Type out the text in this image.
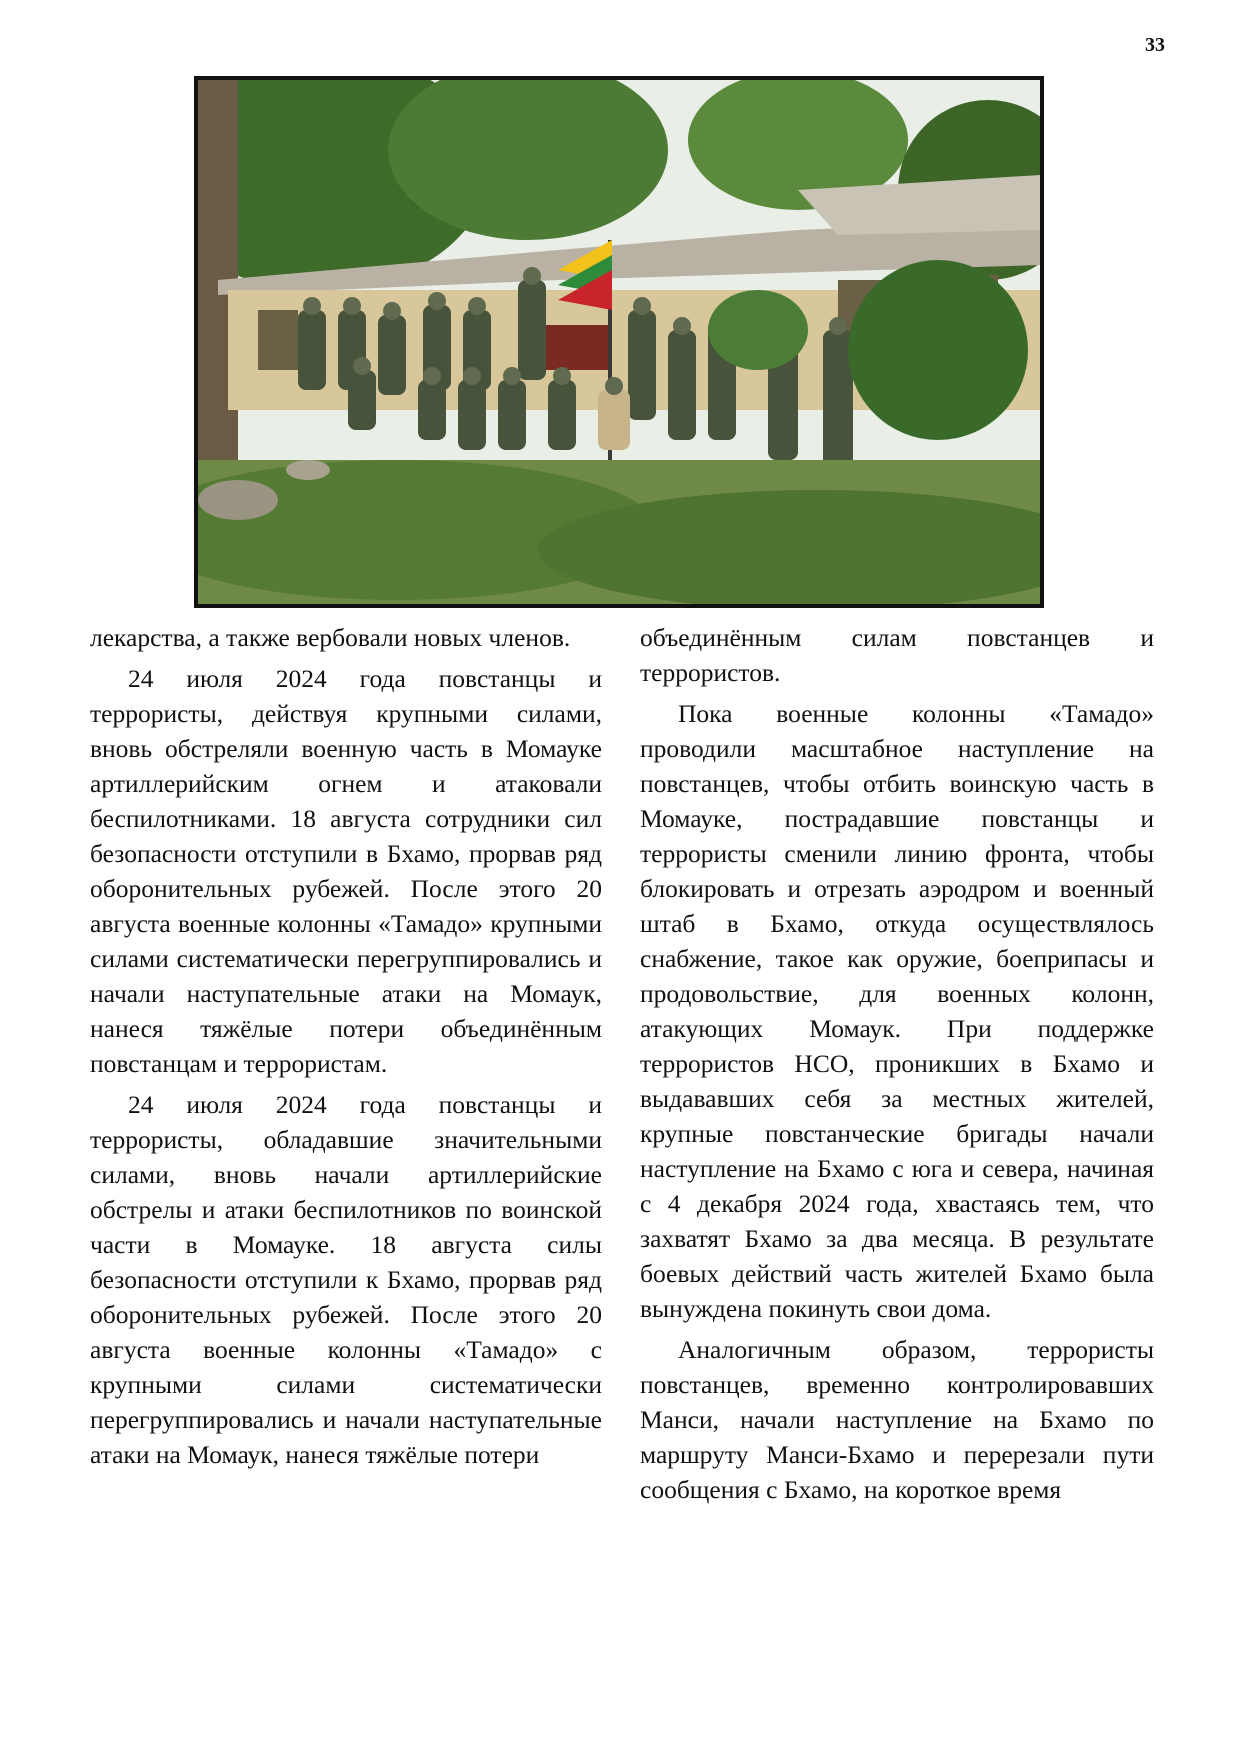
33

лекарства, а также вербовали новых членов.

24 июля 2024 года повстанцы и террористы, действуя крупными силами, вновь обстреляли военную часть в Момауке артиллерийским огнем и атаковали беспилотниками. 18 августа сотрудники сил безопасности отступили в Бхамо, прорвав ряд оборонительных рубежей. После этого 20 августа военные колонны «Тамадо» крупными силами систематически перегруппировались и начали наступательные атаки на Момаук, нанеся тяжёлые потери объединённым повстанцам и террористам.

24 июля 2024 года повстанцы и террористы, обладавшие значительными силами, вновь начали артиллерийские обстрелы и атаки беспилотников по воинской части в Момауке. 18 августа силы безопасности отступили к Бхамо, прорвав ряд оборонительных рубежей. После этого 20 августа военные колонны «Тамадо» с крупными силами систематически перегруппировались и начали наступательные атаки на Момаук, нанеся тяжёлые потери

объединённым силам повстанцев и террористов.

Пока военные колонны «Тамадо» проводили масштабное наступление на повстанцев, чтобы отбить воинскую часть в Момауке, пострадавшие повстанцы и террористы сменили линию фронта, чтобы блокировать и отрезать аэродром и военный штаб в Бхамо, откуда осуществлялось снабжение, такое как оружие, боеприпасы и продовольствие, для военных колонн, атакующих Момаук. При поддержке террористов НСО, проникших в Бхамо и выдававших себя за местных жителей, крупные повстанческие бригады начали наступление на Бхамо с юга и севера, начиная с 4 декабря 2024 года, хвастаясь тем, что захватят Бхамо за два месяца. В результате боевых действий часть жителей Бхамо была вынуждена покинуть свои дома.

Аналогичным образом, террористы повстанцев, временно контролировавших Манси, начали наступление на Бхамо по маршруту Манси-Бхамо и перерезали пути сообщения с Бхамо, на короткое время
